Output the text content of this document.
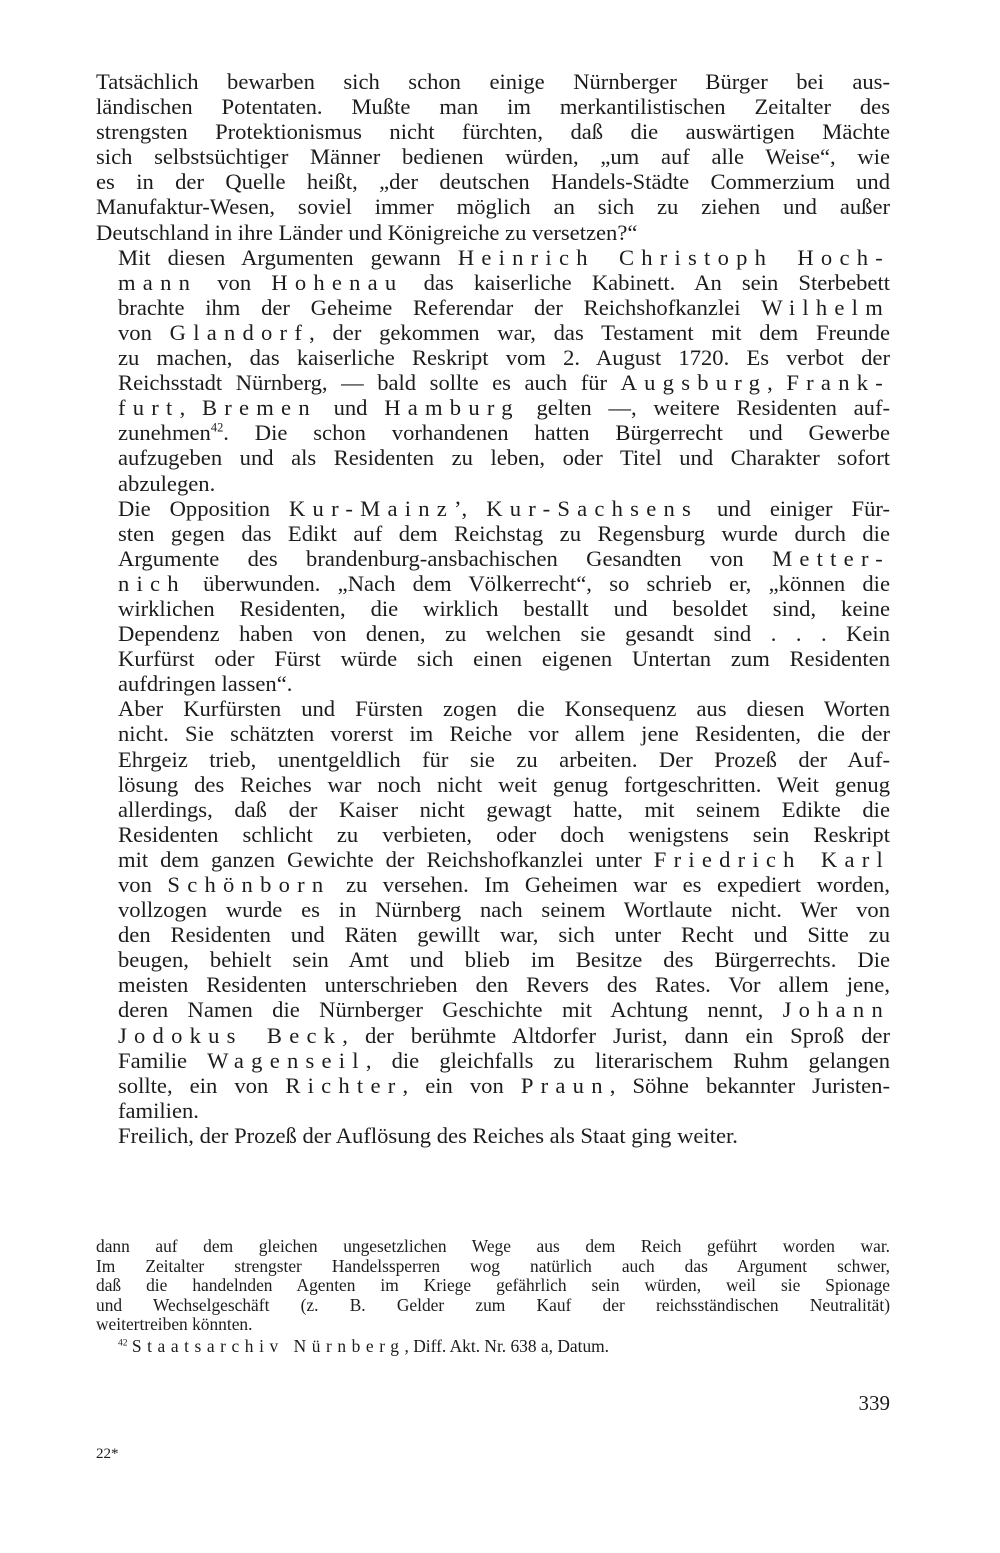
Tatsächlich bewarben sich schon einige Nürnberger Bürger bei aus-
ländischen Potentaten. Mußte man im merkantilistischen Zeitalter des
strengsten Protektionismus nicht fürchten, daß die auswärtigen Mächte
sich selbstsüchtiger Männer bedienen würden, „um auf alle Weise“, wie
es in der Quelle heißt, „der deutschen Handels-Städte Commerzium und
Manufaktur-Wesen, soviel immer möglich an sich zu ziehen und außer
Deutschland in ihre Länder und Königreiche zu versetzen?“
Mit diesen Argumenten gewann Heinrich Christoph Hoch-
mann von Hohenau das kaiserliche Kabinett. An sein Sterbebett
brachte ihm der Geheime Referendar der Reichshofkanzlei Wilhelm
von Glandorf, der gekommen war, das Testament mit dem Freunde
zu machen, das kaiserliche Reskript vom 2. August 1720. Es verbot der
Reichsstadt Nürnberg, — bald sollte es auch für Augsburg, Frank-
furt, Bremen und Hamburg gelten —, weitere Residenten auf-
zunehmen$^{42}$. Die schon vorhandenen hatten Bürgerrecht und Gewerbe
aufzugeben und als Residenten zu leben, oder Titel und Charakter sofort
abzulegen.
Die Opposition Kur-Mainz’, Kur-Sachsens und einiger Für-
sten gegen das Edikt auf dem Reichstag zu Regensburg wurde durch die
Argumente des brandenburg-ansbachischen Gesandten von Metter-
nich überwunden. „Nach dem Völkerrecht“, so schrieb er, „können die
wirklichen Residenten, die wirklich bestallt und besoldet sind, keine
Dependenz haben von denen, zu welchen sie gesandt sind . . . Kein
Kurfürst oder Fürst würde sich einen eigenen Untertan zum Residenten
aufdringen lassen“.
Aber Kurfürsten und Fürsten zogen die Konsequenz aus diesen Worten
nicht. Sie schätzten vorerst im Reiche vor allem jene Residenten, die der
Ehrgeiz trieb, unentgeldlich für sie zu arbeiten. Der Prozeß der Auf-
lösung des Reiches war noch nicht weit genug fortgeschritten. Weit genug
allerdings, daß der Kaiser nicht gewagt hatte, mit seinem Edikte die
Residenten schlicht zu verbieten, oder doch wenigstens sein Reskript
mit dem ganzen Gewichte der Reichshofkanzlei unter Friedrich Karl
von Schönborn zu versehen. Im Geheimen war es expediert worden,
vollzogen wurde es in Nürnberg nach seinem Wortlaute nicht. Wer von
den Residenten und Räten gewillt war, sich unter Recht und Sitte zu
beugen, behielt sein Amt und blieb im Besitze des Bürgerrechts. Die
meisten Residenten unterschrieben den Revers des Rates. Vor allem jene,
deren Namen die Nürnberger Geschichte mit Achtung nennt, Johann
Jodokus Beck, der berühmte Altdorfer Jurist, dann ein Sproß der
Familie Wagenseil, die gleichfalls zu literarischem Ruhm gelangen
sollte, ein von Richter, ein von Praun, Söhne bekannter Juristen-
familien.
Freilich, der Prozeß der Auflösung des Reiches als Staat ging weiter.
dann auf dem gleichen ungesetzlichen Wege aus dem Reich geführt worden war.
Im Zeitalter strengster Handelssperren wog natürlich auch das Argument schwer,
daß die handelnden Agenten im Kriege gefährlich sein würden, weil sie Spionage
und Wechselgeschäft (z. B. Gelder zum Kauf der reichsständischen Neutralität)
weitertreiben könnten.
$^{42}$ Staatsarchiv Nürnberg, Diff. Akt. Nr. 638 a, Datum.
339
22*
